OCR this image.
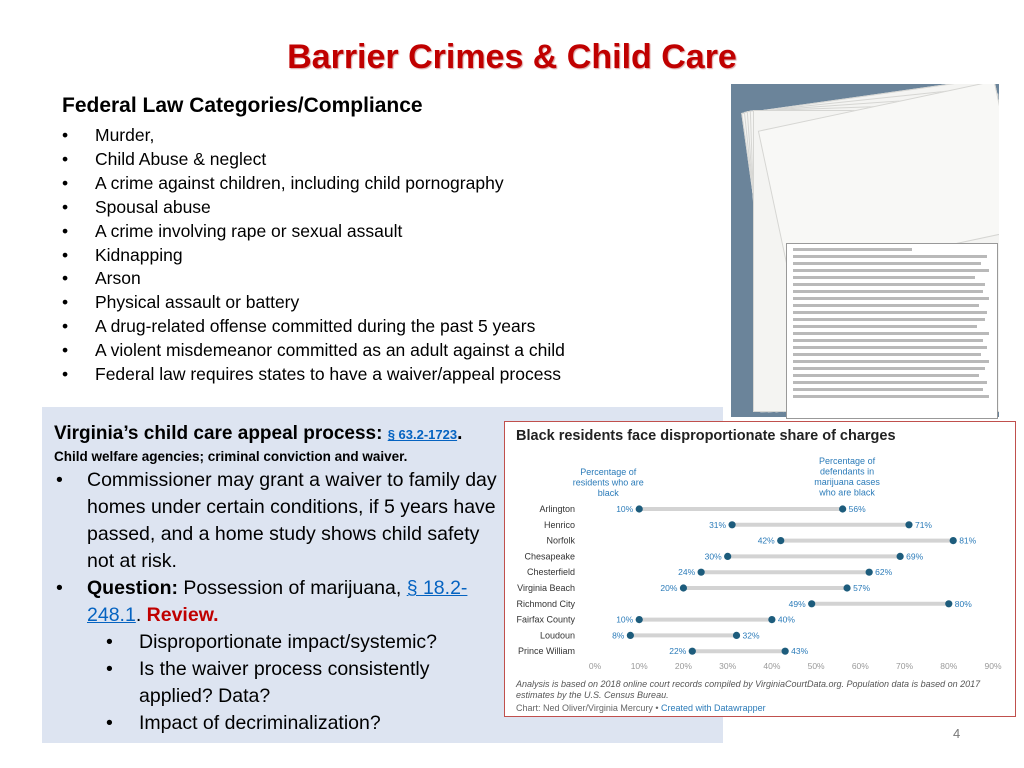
Barrier Crimes & Child Care
Federal Law Categories/Compliance
• Murder,
• Child Abuse & neglect
• A crime against children, including child pornography
• Spousal abuse
• A crime involving rape or sexual assault
• Kidnapping
• Arson
• Physical assault or battery
• A drug-related offense committed during the past 5 years
• A violent misdemeanor committed as an adult against a child
• Federal law requires states to have a waiver/appeal process
Virginia’s child care appeal process: § 63.2-1723.
Child welfare agencies; criminal conviction and waiver.
• Commissioner may grant a waiver to family day homes under certain conditions, if 5 years have passed, and a home study shows child safety not at risk.
• Question: Possession of marijuana, § 18.2-248.1. Review.
• Disproportionate impact/systemic?
• Is the waiver process consistently applied? Data?
• Impact of decriminalization?
Black residents face disproportionate share of charges
Percentage of
residents who are
black
Percentage of
defendants in
marijuana cases
who are black
Arlington	10%	56%
Henrico	31%	71%
Norfolk	42%	81%
Chesapeake	30%	69%
Chesterfield	24%	62%
Virginia Beach	20%	57%
Richmond City	49%	80%
Fairfax County	10%	40%
Loudoun	8%	32%
Prince William	22%	43%
0%	10%	20%	30%	40%	50%	60%	70%	80%	90%
Analysis is based on 2018 online court records compiled by VirginiaCourtData.org. Population data is based on 2017 estimates by the U.S. Census Bureau.
Chart: Ned Oliver/Virginia Mercury • Created with Datawrapper
4
